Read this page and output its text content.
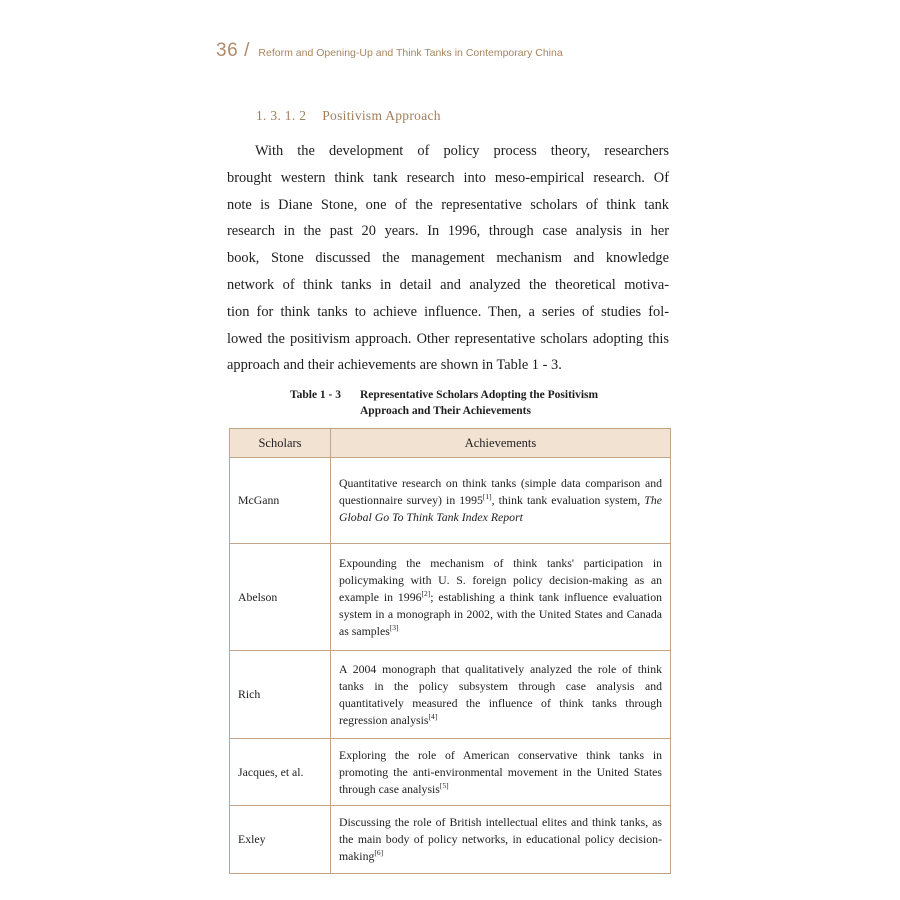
36 / Reform and Opening-Up and Think Tanks in Contemporary China
1. 3. 1. 2 Positivism Approach

With the development of policy process theory, researchers
brought western think tank research into meso-empirical research. Of
note is Diane Stone, one of the representative scholars of think tank
research in the past 20 years. In 1996, through case analysis in her
book, Stone discussed the management mechanism and knowledge
network of think tanks in detail and analyzed the theoretical motiva-
tion for think tanks to achieve influence. Then, a series of studies fol-
lowed the positivism approach. Other representative scholars adopting this
approach and their achievements are shown in Table 1 - 3.

Table 1 - 3	Representative Scholars Adopting the Positivism Approach and Their Achievements
Scholars	Achievements
McGann	Quantitative research on think tanks (simple data comparison and questionnaire survey) in 1995[1], think tank evaluation system, The Global Go To Think Tank Index Report
Abelson	Expounding the mechanism of think tanks' participation in policymaking with U. S. foreign policy decision-making as an example in 1996[2]; establishing a think tank influence evaluation system in a monograph in 2002, with the United States and Canada as samples[3]
Rich	A 2004 monograph that qualitatively analyzed the role of think tanks in the policy subsystem through case analysis and quantitatively measured the influence of think tanks through regression analysis[4]
Jacques, et al.	Exploring the role of American conservative think tanks in promoting the anti-environmental movement in the United States through case analysis[5]
Exley	Discussing the role of British intellectual elites and think tanks, as the main body of policy networks, in educational policy decision-making[6]
